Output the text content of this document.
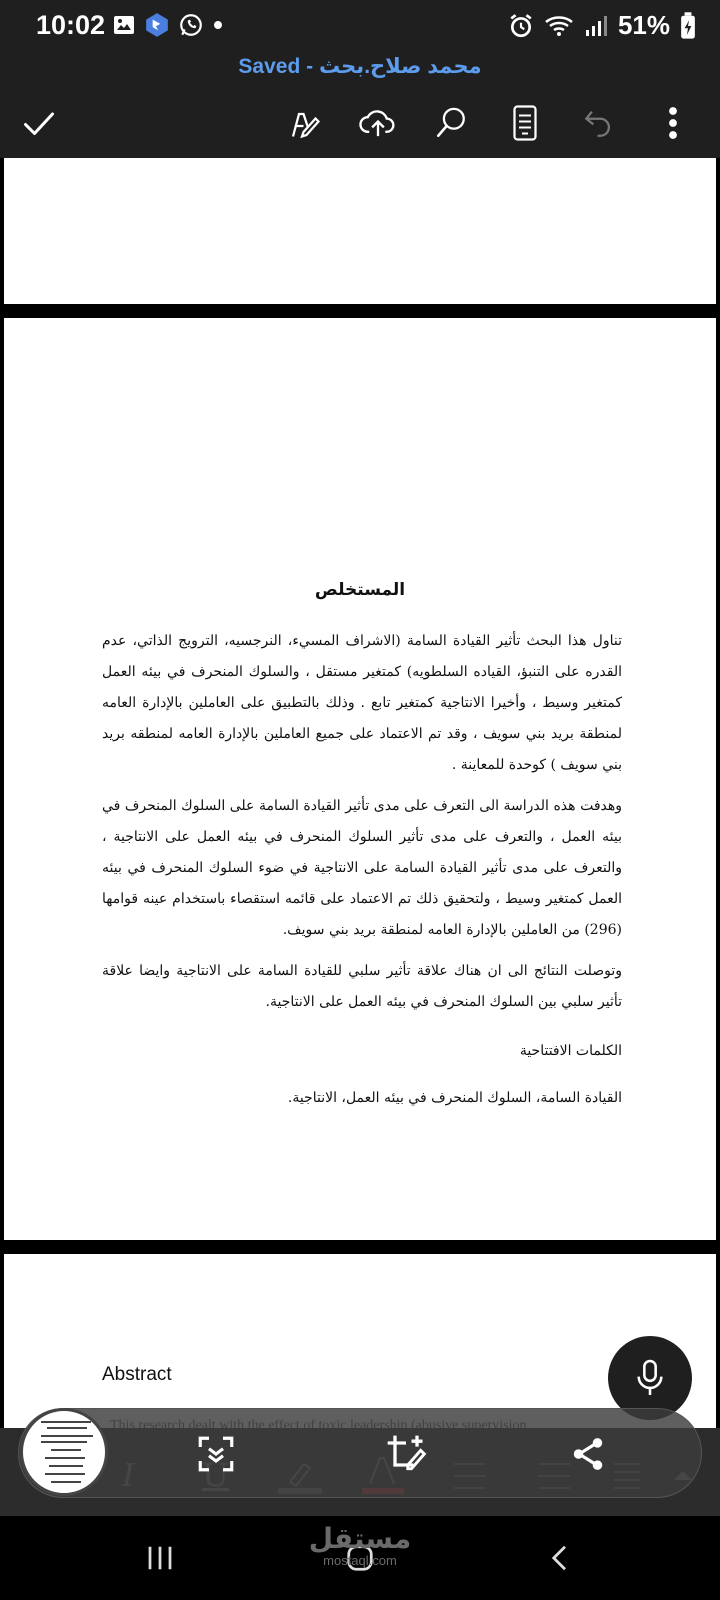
10:02	51%
محمد صلاح.بحث - Saved
المستخلص

تناول هذا البحث تأثير القيادة السامة (الاشراف المسيء، النرجسيه، الترويج الذاتي، عدم القدره على التنبؤ، القياده السلطويه) كمتغير مستقل ، والسلوك المنحرف في بيئه العمل كمتغير وسيط ، وأخيرا الانتاجية كمتغير تابع . وذلك بالتطبيق على العاملين بالإدارة العامه لمنطقة بريد بني سويف ، وقد تم الاعتماد على جميع العاملين بالإدارة العامه لمنطقه بريد بني سويف ) كوحدة للمعاينة .

وهدفت هذه الدراسة الى التعرف على مدى تأثير القيادة السامة على السلوك المنحرف في بيئه العمل ، والتعرف على مدى تأثير السلوك المنحرف في بيئه العمل على الانتاجية ، والتعرف على مدى تأثير القيادة السامة على الانتاجية في ضوء السلوك المنحرف في بيئه العمل كمتغير وسيط ، ولتحقيق ذلك تم الاعتماد على قائمه استقصاء باستخدام عينه قوامها (296) من العاملين بالإدارة العامه لمنطقة بريد بني سويف.

وتوصلت النتائج الى ان هناك علاقة تأثير سلبي للقيادة السامة على الانتاجية وايضا علاقة تأثير سلبي بين السلوك المنحرف في بيئه العمل على الانتاجية.

الكلمات الافتتاحية

القيادة السامة، السلوك المنحرف في بيئه العمل، الانتاجية.

Abstract
مستقل
mostaql.com
